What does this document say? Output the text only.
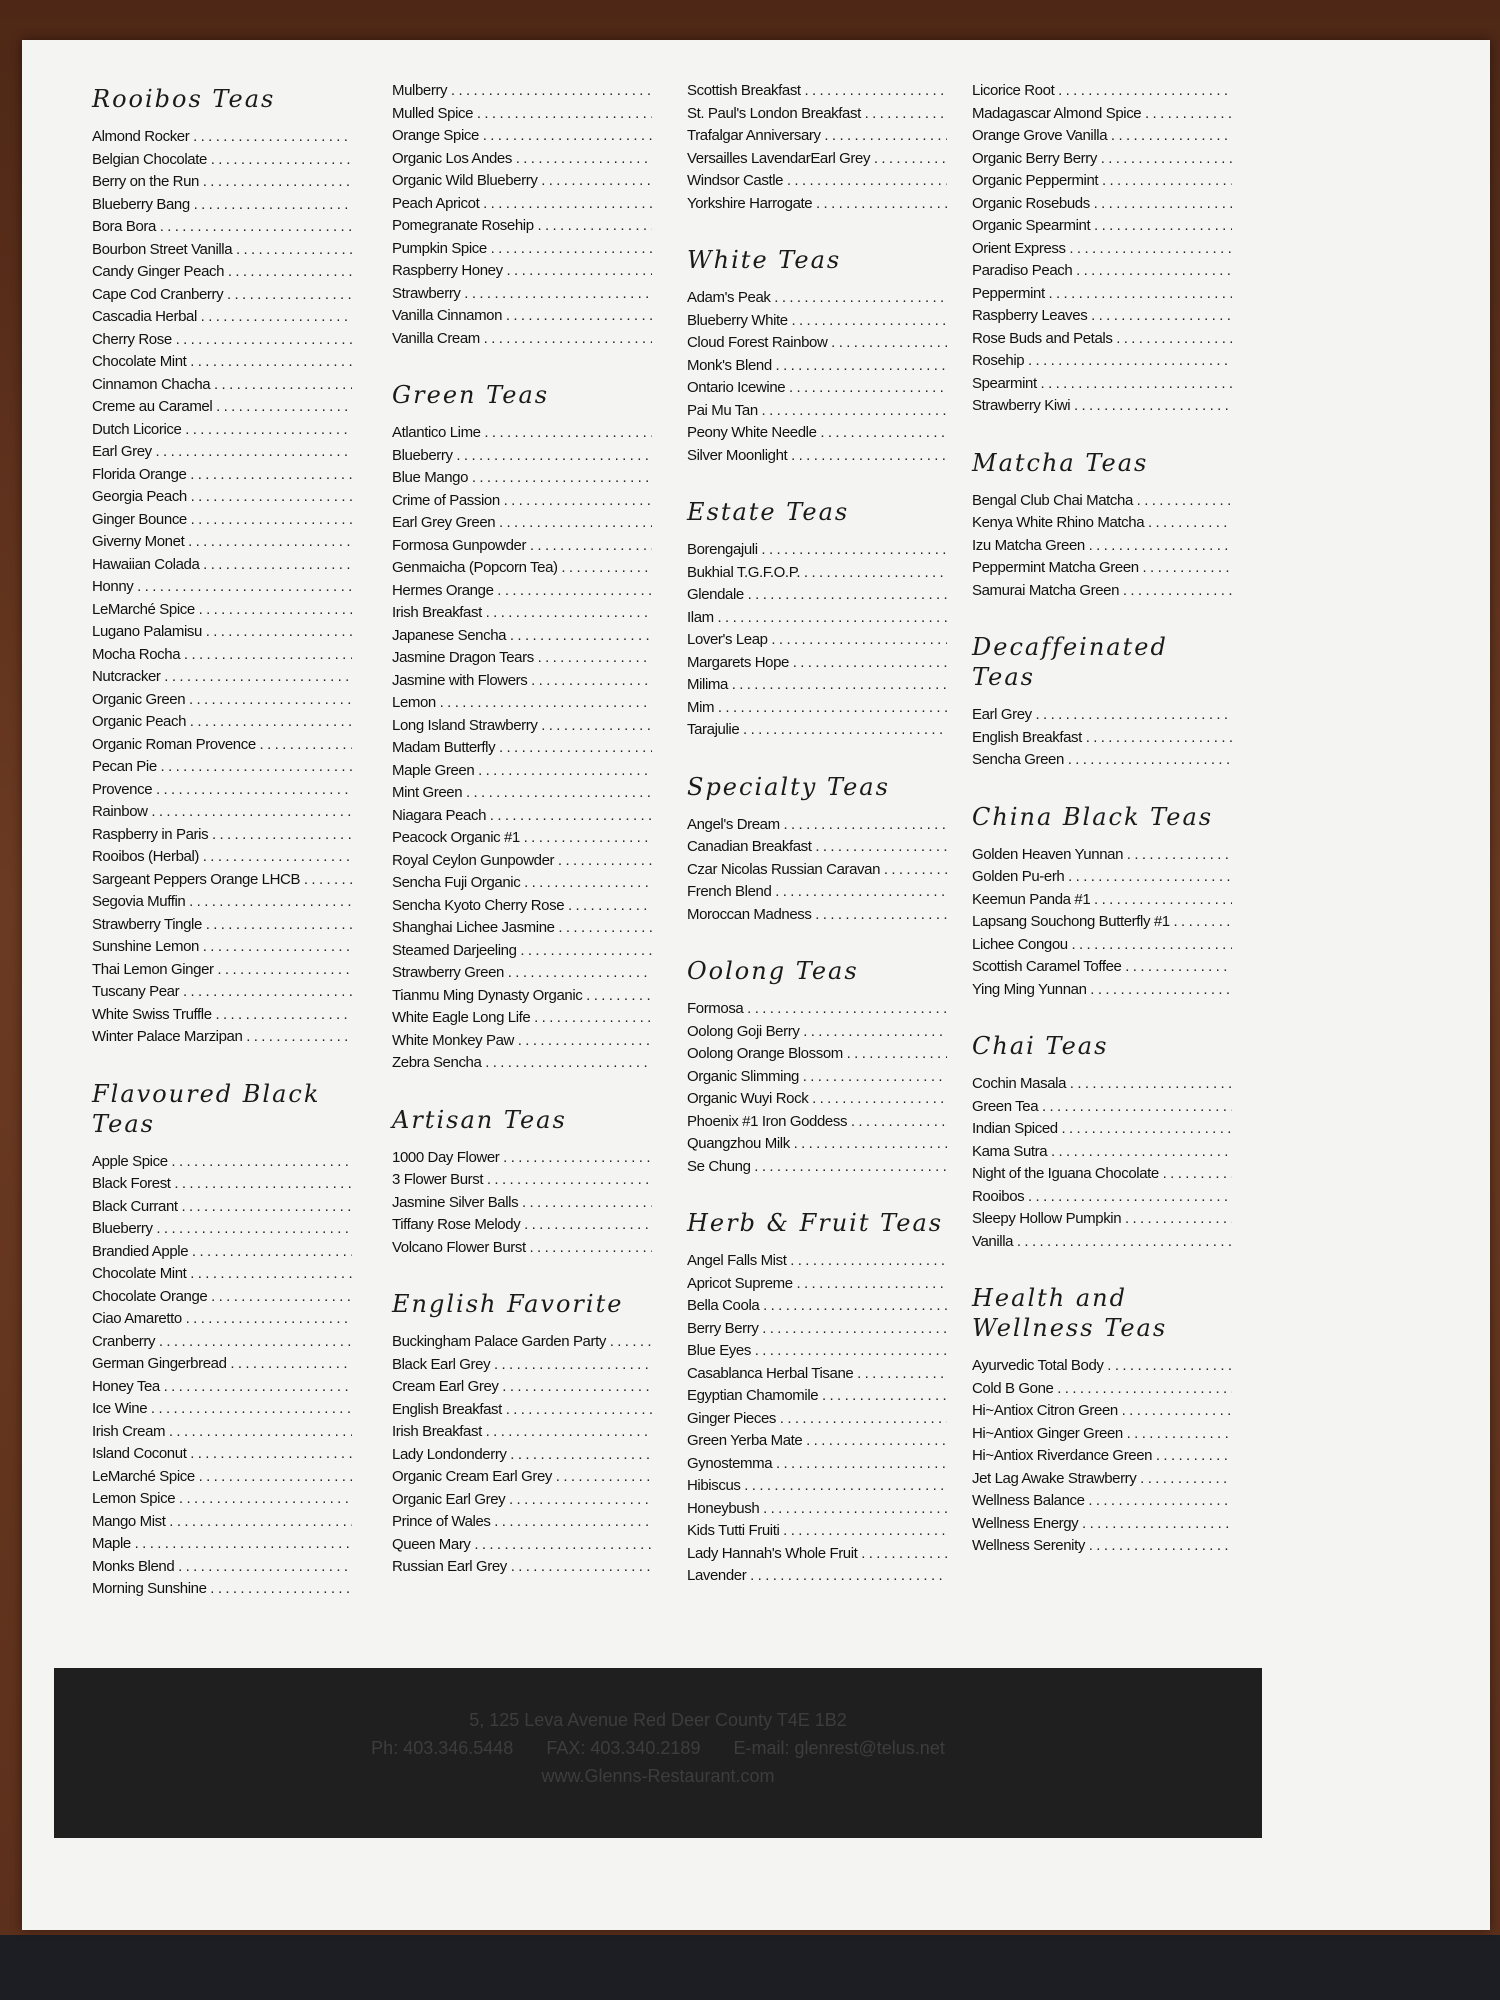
Rooibos Teas
Almond Rocker . . .
Belgian Chocolate . . .
Berry on the Run . . .
Blueberry Bang . . .
Bora Bora . . .
Bourbon Street Vanilla . . .
Candy Ginger Peach . . .
Cape Cod Cranberry . . .
Cascadia Herbal . . .
Cherry Rose . . .
Chocolate Mint . . .
Cinnamon Chacha . . .
Creme au Caramel . . .
Dutch Licorice . . .
Earl Grey . . .
Florida Orange . . .
Georgia Peach . . .
Ginger Bounce . . .
Giverny Monet . . .
Hawaiian Colada . . .
Honny . . .
LeMarché Spice . . .
Lugano Palamisu . . .
Mocha Rocha . . .
Nutcracker . . .
Organic Green . . .
Organic Peach . . .
Organic Roman Provence . . .
Pecan Pie . . .
Provence . . .
Rainbow . . .
Raspberry in Paris . . .
Rooibos (Herbal) . . .
Sargeant Peppers Orange LHCB . . .
Segovia Muffin . . .
Strawberry Tingle . . .
Sunshine Lemon . . .
Thai Lemon Ginger . . .
Tuscany Pear . . .
White Swiss Truffle . . .
Winter Palace Marzipan . . .
Flavoured Black Teas
Apple Spice . . .
Black Forest . . .
Black Currant . . .
Blueberry . . .
Brandied Apple . . .
Chocolate Mint . . .
Chocolate Orange . . .
Ciao Amaretto . . .
Cranberry . . .
German Gingerbread . . .
Honey Tea . . .
Ice Wine . . .
Irish Cream . . .
Island Coconut . . .
LeMarché Spice . . .
Lemon Spice . . .
Mango Mist . . .
Maple . . .
Monks Blend . . .
Morning Sunshine . . .
Mulberry . . .
Mulled Spice . . .
Orange Spice . . .
Organic Los Andes . . .
Organic Wild Blueberry . . .
Peach Apricot . . .
Pomegranate Rosehip . . .
Pumpkin Spice . . .
Raspberry Honey . . .
Strawberry . . .
Vanilla Cinnamon . . .
Vanilla Cream . . .
Green Teas
Atlantico Lime . . .
Blueberry . . .
Blue Mango . . .
Crime of Passion . . .
Earl Grey Green . . .
Formosa Gunpowder . . .
Genmaicha (Popcorn Tea) . . .
Hermes Orange . . .
Irish Breakfast . . .
Japanese Sencha . . .
Jasmine Dragon Tears . . .
Jasmine with Flowers . . .
Lemon . . .
Long Island Strawberry . . .
Madam Butterfly . . .
Maple Green . . .
Mint Green . . .
Niagara Peach . . .
Peacock Organic #1 . . .
Royal Ceylon Gunpowder . . .
Sencha Fuji Organic . . .
Sencha Kyoto Cherry Rose . . .
Shanghai Lichee Jasmine . . .
Steamed Darjeeling . . .
Strawberry Green . . .
Tianmu Ming Dynasty Organic . . .
White Eagle Long Life . . .
White Monkey Paw . . .
Zebra Sencha . . .
Artisan Teas
1000 Day Flower . . .
3 Flower Burst . . .
Jasmine Silver Balls . . .
Tiffany Rose Melody . . .
Volcano Flower Burst . . .
English Favorite
Buckingham Palace Garden Party . . .
Black Earl Grey . . .
Cream Earl Grey . . .
English Breakfast . . .
Irish Breakfast . . .
Lady Londonderry . . .
Organic Cream Earl Grey . . .
Organic Earl Grey . . .
Prince of Wales . . .
Queen Mary . . .
Russian Earl Grey . . .
Scottish Breakfast . . .
St. Paul's London Breakfast . . .
Trafalgar Anniversary . . .
Versailles LavendarEarl Grey . . .
Windsor Castle . . .
Yorkshire Harrogate . . .
White Teas
Adam's Peak . . .
Blueberry White . . .
Cloud Forest Rainbow . . .
Monk's Blend . . .
Ontario Icewine . . .
Pai Mu Tan . . .
Peony White Needle . . .
Silver Moonlight . . .
Estate Teas
Borengajuli . . .
Bukhial T.G.F.O.P. . . .
Glendale . . .
Ilam . . .
Lover's Leap . . .
Margarets Hope . . .
Milima . . .
Mim . . .
Tarajulie . . .
Specialty Teas
Angel's Dream . . .
Canadian Breakfast . . .
Czar Nicolas Russian Caravan . . .
French Blend . . .
Moroccan Madness . . .
Oolong Teas
Formosa . . .
Oolong Goji Berry . . .
Oolong Orange Blossom . . .
Organic Slimming . . .
Organic Wuyi Rock . . .
Phoenix #1 Iron Goddess . . .
Quangzhou Milk . . .
Se Chung . . .
Herb & Fruit Teas
Angel Falls Mist . . .
Apricot Supreme . . .
Bella Coola . . .
Berry Berry . . .
Blue Eyes . . .
Casablanca Herbal Tisane . . .
Egyptian Chamomile . . .
Ginger Pieces . . .
Green Yerba Mate . . .
Gynostemma . . .
Hibiscus . . .
Honeybush . . .
Kids Tutti Fruiti . . .
Lady Hannah's Whole Fruit . . .
Lavender . . .
Licorice Root . . .
Madagascar Almond Spice . . .
Orange Grove Vanilla . . .
Organic Berry Berry . . .
Organic Peppermint . . .
Organic Rosebuds . . .
Organic Spearmint . . .
Orient Express . . .
Paradiso Peach . . .
Peppermint . . .
Raspberry Leaves . . .
Rose Buds and Petals . . .
Rosehip . . .
Spearmint . . .
Strawberry Kiwi . . .
Matcha Teas
Bengal Club Chai Matcha . . .
Kenya White Rhino Matcha . . .
Izu Matcha Green . . .
Peppermint Matcha Green . . .
Samurai Matcha Green . . .
Decaffeinated Teas
Earl Grey . . .
English Breakfast . . .
Sencha Green . . .
China Black Teas
Golden Heaven Yunnan . . .
Golden Pu-erh . . .
Keemun Panda #1 . . .
Lapsang Souchong Butterfly #1 . . .
Lichee Congou . . .
Scottish Caramel Toffee . . .
Ying Ming Yunnan . . .
Chai Teas
Cochin Masala . . .
Green Tea . . .
Indian Spiced . . .
Kama Sutra . . .
Night of the Iguana Chocolate . . .
Rooibos . . .
Sleepy Hollow Pumpkin . . .
Vanilla . . .
Health and Wellness Teas
Ayurvedic Total Body . . .
Cold B Gone . . .
Hi~Antiox Citron Green . . .
Hi~Antiox Ginger Green . . .
Hi~Antiox Riverdance Green . . .
Jet Lag Awake Strawberry . . .
Wellness Balance . . .
Wellness Energy . . .
Wellness Serenity . . .
5, 125 Leva Avenue Red Deer County T4E 1B2
Ph: 403.346.5448 FAX: 403.340.2189 E-mail: glenrest@telus.net
www.Glenns-Restaurant.com
